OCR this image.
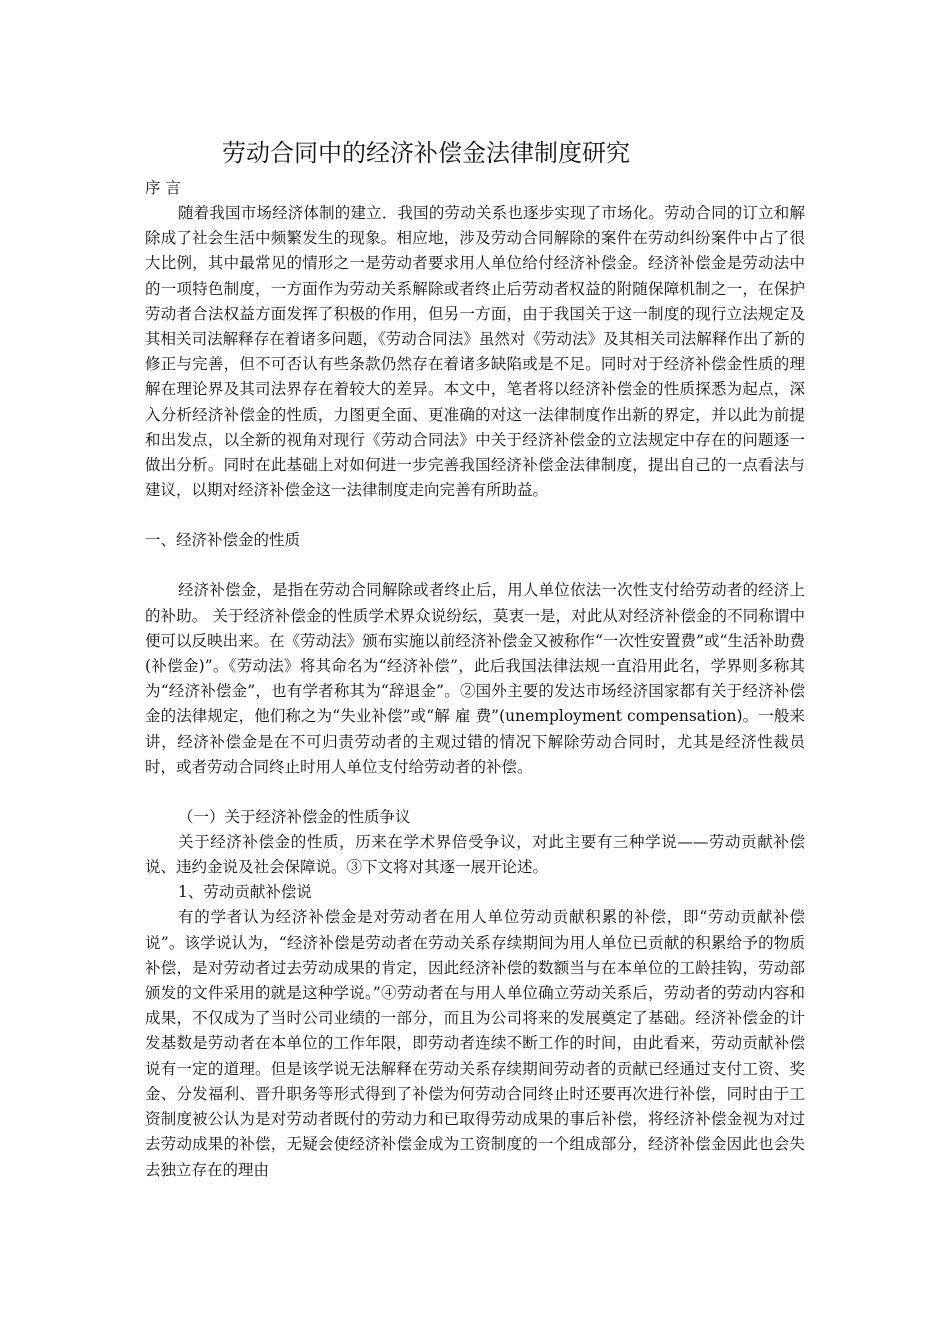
劳动合同中的经济补偿金法律制度研究

序 言

随着我国市场经济体制的建立．我国的劳动关系也逐步实现了市场化。劳动合同的订立和解除成了社会生活中频繁发生的现象。相应地，涉及劳动合同解除的案件在劳动纠纷案件中占了很大比例，其中最常见的情形之一是劳动者要求用人单位给付经济补偿金。经济补偿金是劳动法中的一项特色制度，一方面作为劳动关系解除或者终止后劳动者权益的附随保障机制之一，在保护劳动者合法权益方面发挥了积极的作用，但另一方面，由于我国关于这一制度的现行立法规定及其相关司法解释存在着诸多问题，《劳动合同法》虽然对《劳动法》及其相关司法解释作出了新的修正与完善，但不可否认有些条款仍然存在着诸多缺陷或是不足。同时对于经济补偿金性质的理解在理论界及其司法界存在着较大的差异。本文中，笔者将以经济补偿金的性质探悉为起点，深入分析经济补偿金的性质，力图更全面、更准确的对这一法律制度作出新的界定，并以此为前提和出发点，以全新的视角对现行《劳动合同法》中关于经济补偿金的立法规定中存在的问题逐一做出分析。同时在此基础上对如何进一步完善我国经济补偿金法律制度，提出自己的一点看法与建议，以期对经济补偿金这一法律制度走向完善有所助益。

一、经济补偿金的性质

经济补偿金，是指在劳动合同解除或者终止后，用人单位依法一次性支付给劳动者的经济上的补助。 关于经济补偿金的性质学术界众说纷纭，莫衷一是，对此从对经济补偿金的不同称谓中便可以反映出来。在《劳动法》颁布实施以前经济补偿金又被称作“一次性安置费”或“生活补助费(补偿金)”。《劳动法》将其命名为“经济补偿”，此后我国法律法规一直沿用此名，学界则多称其为“经济补偿金”，也有学者称其为“辞退金”。②国外主要的发达市场经济国家都有关于经济补偿金的法律规定，他们称之为“失业补偿”或“解 雇 费”(unemployment compensation)。一般来讲，经济补偿金是在不可归责劳动者的主观过错的情况下解除劳动合同时，尤其是经济性裁员时，或者劳动合同终止时用人单位支付给劳动者的补偿。

（一）关于经济补偿金的性质争议

关于经济补偿金的性质，历来在学术界倍受争议，对此主要有三种学说——劳动贡献补偿说、违约金说及社会保障说。③下文将对其逐一展开论述。

1、劳动贡献补偿说

有的学者认为经济补偿金是对劳动者在用人单位劳动贡献积累的补偿，即“劳动贡献补偿说”。该学说认为，“经济补偿是劳动者在劳动关系存续期间为用人单位已贡献的积累给予的物质补偿，是对劳动者过去劳动成果的肯定，因此经济补偿的数额当与在本单位的工龄挂钩，劳动部颁发的文件采用的就是这种学说。”④劳动者在与用人单位确立劳动关系后，劳动者的劳动内容和成果，不仅成为了当时公司业绩的一部分，而且为公司将来的发展奠定了基础。经济补偿金的计发基数是劳动者在本单位的工作年限，即劳动者连续不断工作的时间，由此看来，劳动贡献补偿说有一定的道理。但是该学说无法解释在劳动关系存续期间劳动者的贡献已经通过支付工资、奖金、分发福利、晋升职务等形式得到了补偿为何劳动合同终止时还要再次进行补偿，同时由于工资制度被公认为是对劳动者既付的劳动力和已取得劳动成果的事后补偿，将经济补偿金视为对过去劳动成果的补偿，无疑会使经济补偿金成为工资制度的一个组成部分，经济补偿金因此也会失去独立存在的理由
